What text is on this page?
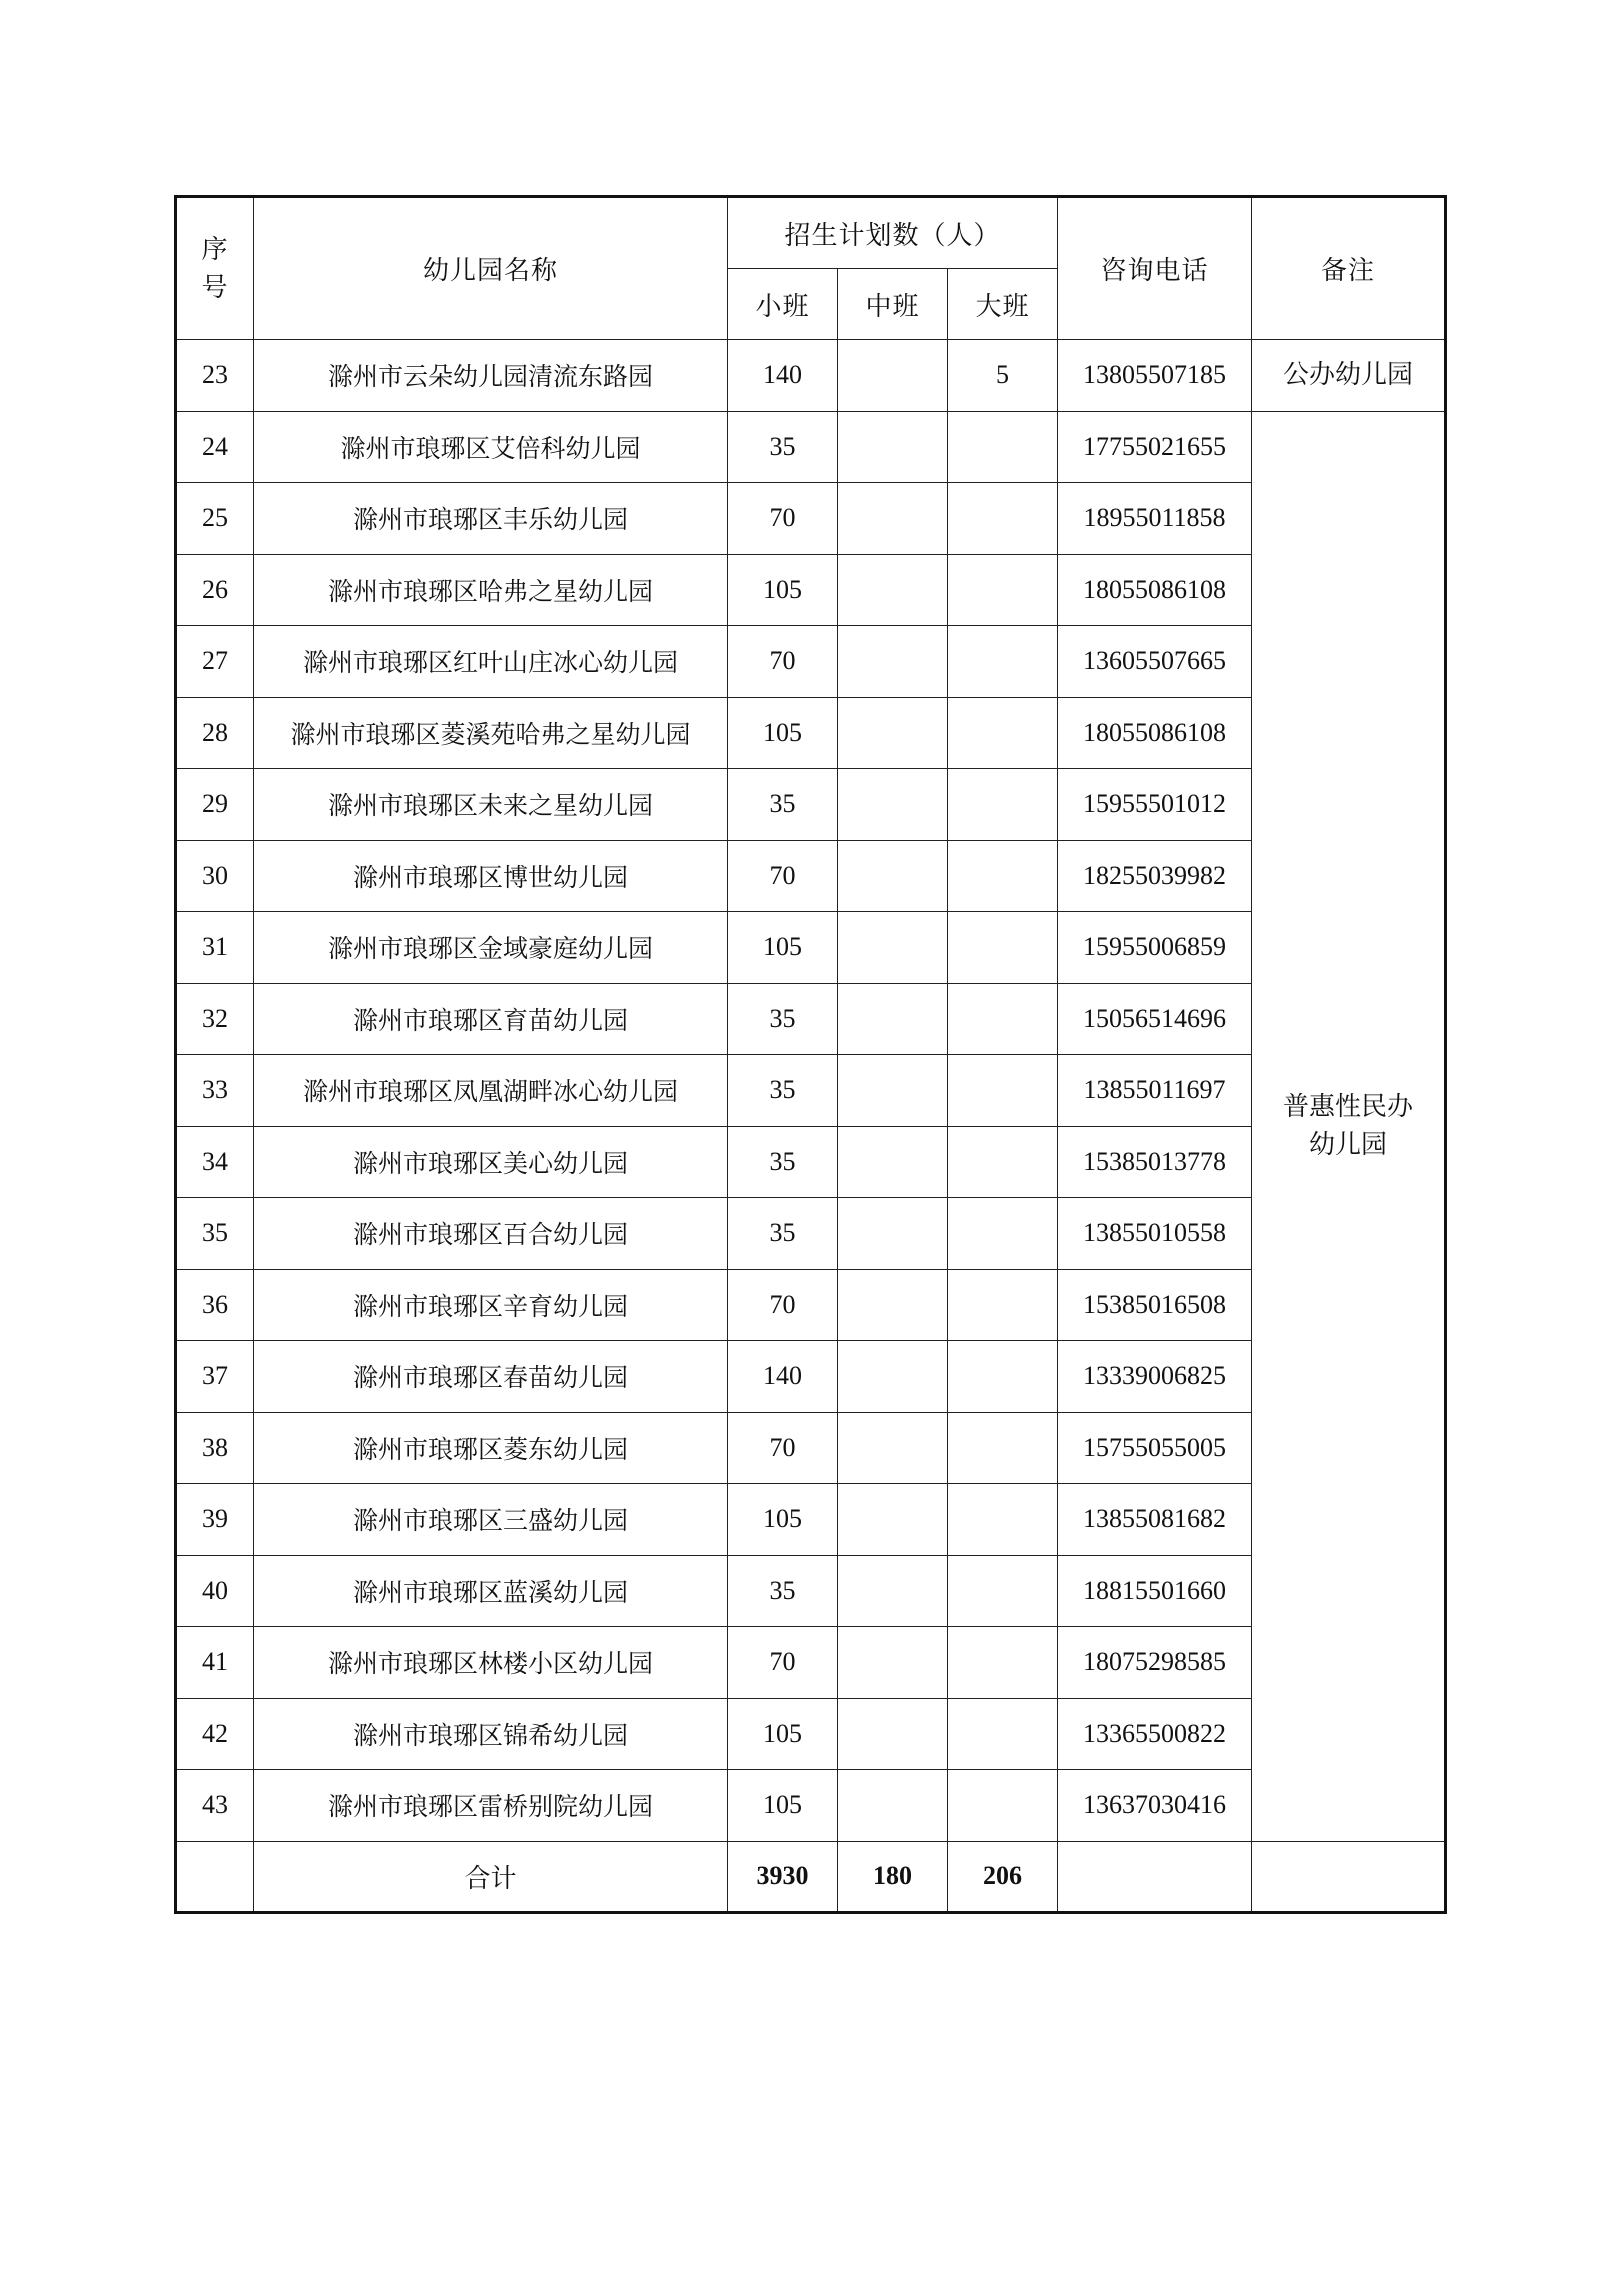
序
号	幼儿园名称	招生计划数（人）			咨询电话	备注
		小班	中班	大班		
23	滁州市云朵幼儿园清流东路园	140		5	13805507185	公办幼儿园
24	滁州市琅琊区艾倍科幼儿园	35			17755021655	普惠性民办
幼儿园
25	滁州市琅琊区丰乐幼儿园	70			18955011858	
26	滁州市琅琊区哈弗之星幼儿园	105			18055086108	
27	滁州市琅琊区红叶山庄冰心幼儿园	70			13605507665	
28	滁州市琅琊区菱溪苑哈弗之星幼儿园	105			18055086108	
29	滁州市琅琊区未来之星幼儿园	35			15955501012	
30	滁州市琅琊区博世幼儿园	70			18255039982	
31	滁州市琅琊区金域豪庭幼儿园	105			15955006859	
32	滁州市琅琊区育苗幼儿园	35			15056514696	
33	滁州市琅琊区凤凰湖畔冰心幼儿园	35			13855011697	
34	滁州市琅琊区美心幼儿园	35			15385013778	
35	滁州市琅琊区百合幼儿园	35			13855010558	
36	滁州市琅琊区辛育幼儿园	70			15385016508	
37	滁州市琅琊区春苗幼儿园	140			13339006825	
38	滁州市琅琊区菱东幼儿园	70			15755055005	
39	滁州市琅琊区三盛幼儿园	105			13855081682	
40	滁州市琅琊区蓝溪幼儿园	35			18815501660	
41	滁州市琅琊区林楼小区幼儿园	70			18075298585	
42	滁州市琅琊区锦希幼儿园	105			13365500822	
43	滁州市琅琊区雷桥别院幼儿园	105			13637030416	
	合计	3930	180	206		
